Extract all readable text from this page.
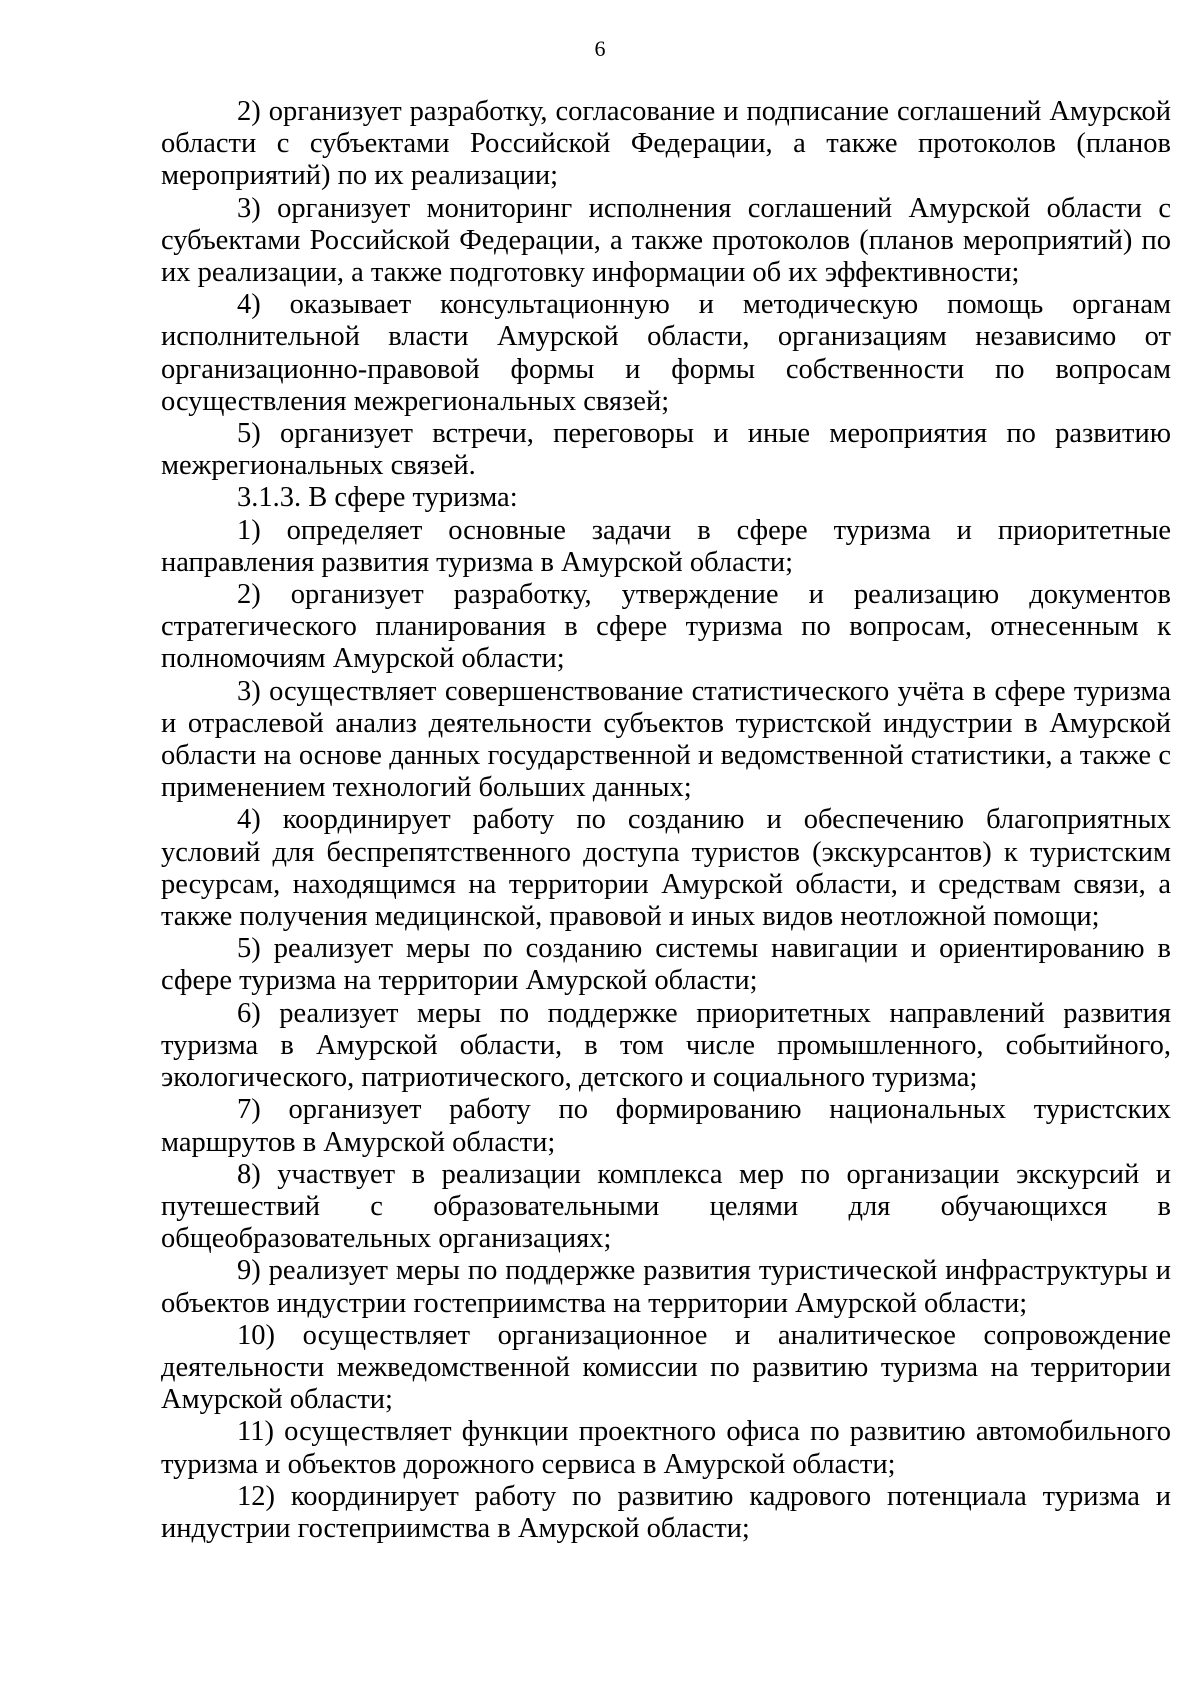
6

2) организует разработку, согласование и подписание соглашений Амурской области с субъектами Российской Федерации, а также протоколов (планов мероприятий) по их реализации;

3) организует мониторинг исполнения соглашений Амурской области с субъектами Российской Федерации, а также протоколов (планов мероприятий) по их реализации, а также подготовку информации об их эффективности;

4) оказывает консультационную и методическую помощь органам исполнительной власти Амурской области, организациям независимо от организационно-правовой формы и формы собственности по вопросам осуществления межрегиональных связей;

5) организует встречи, переговоры и иные мероприятия по развитию межрегиональных связей.

3.1.3. В сфере туризма:

1) определяет основные задачи в сфере туризма и приоритетные направления развития туризма в Амурской области;

2) организует разработку, утверждение и реализацию документов стратегического планирования в сфере туризма по вопросам, отнесенным к полномочиям Амурской области;

3) осуществляет совершенствование статистического учёта в сфере туризма и отраслевой анализ деятельности субъектов туристской индустрии в Амурской области на основе данных государственной и ведомственной статистики, а также с применением технологий больших данных;

4) координирует работу по созданию и обеспечению благоприятных условий для беспрепятственного доступа туристов (экскурсантов) к туристским ресурсам, находящимся на территории Амурской области, и средствам связи, а также получения медицинской, правовой и иных видов неотложной помощи;

5) реализует меры по созданию системы навигации и ориентированию в сфере туризма на территории Амурской области;

6) реализует меры по поддержке приоритетных направлений развития туризма в Амурской области, в том числе промышленного, событийного, экологического, патриотического, детского и социального туризма;

7) организует работу по формированию национальных туристских маршрутов в Амурской области;

8) участвует в реализации комплекса мер по организации экскурсий и путешествий с образовательными целями для обучающихся в общеобразовательных организациях;

9) реализует меры по поддержке развития туристической инфраструктуры и объектов индустрии гостеприимства на территории Амурской области;

10) осуществляет организационное и аналитическое сопровождение деятельности межведомственной комиссии по развитию туризма на территории Амурской области;

11) осуществляет функции проектного офиса по развитию автомобильного туризма и объектов дорожного сервиса в Амурской области;

12) координирует работу по развитию кадрового потенциала туризма и индустрии гостеприимства в Амурской области;
